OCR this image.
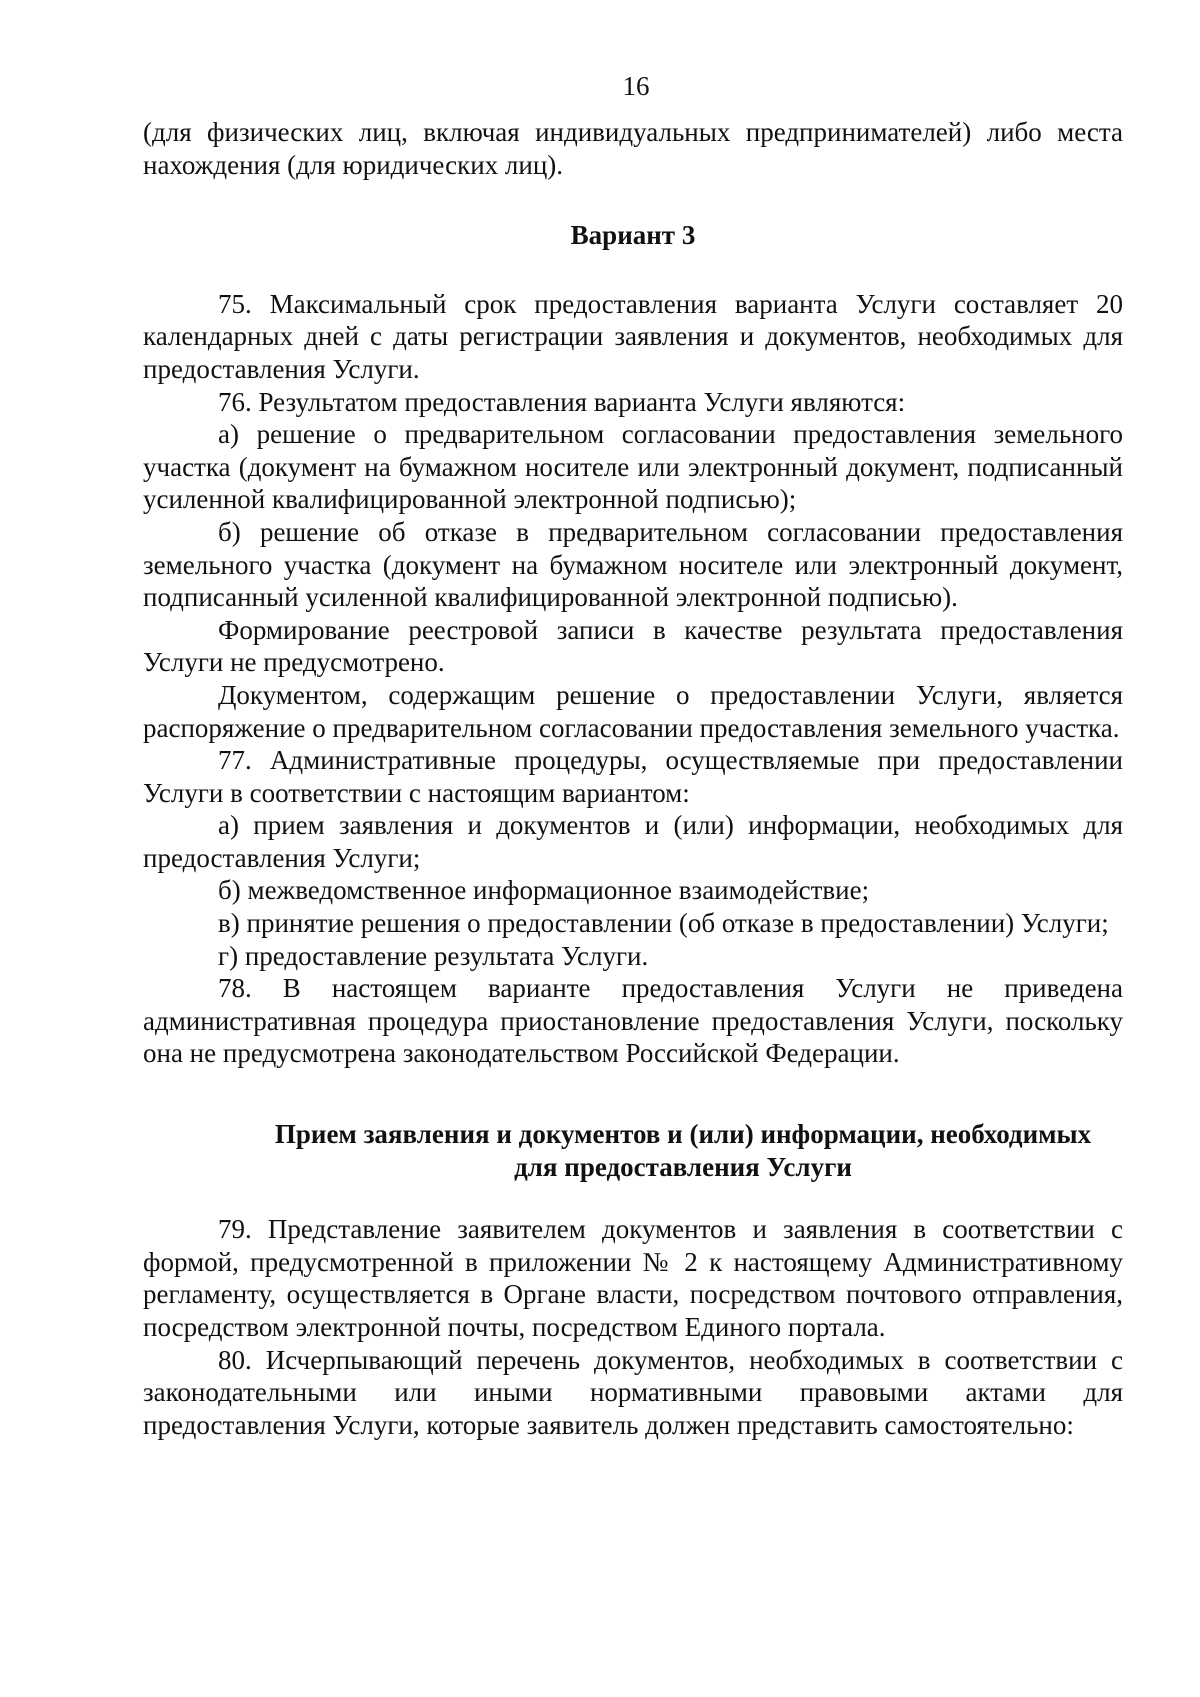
16

(для физических лиц, включая индивидуальных предпринимателей) либо места нахождения (для юридических лиц).

Вариант 3

75. Максимальный срок предоставления варианта Услуги составляет 20 календарных дней с даты регистрации заявления и документов, необходимых для предоставления Услуги.

76. Результатом предоставления варианта Услуги являются:

а) решение о предварительном согласовании предоставления земельного участка (документ на бумажном носителе или электронный документ, подписанный усиленной квалифицированной электронной подписью);

б) решение об отказе в предварительном согласовании предоставления земельного участка (документ на бумажном носителе или электронный документ, подписанный усиленной квалифицированной электронной подписью).

Формирование реестровой записи в качестве результата предоставления Услуги не предусмотрено.

Документом, содержащим решение о предоставлении Услуги, является распоряжение о предварительном согласовании предоставления земельного участка.

77. Административные процедуры, осуществляемые при предоставлении Услуги в соответствии с настоящим вариантом:

а) прием заявления и документов и (или) информации, необходимых для предоставления Услуги;

б) межведомственное информационное взаимодействие;

в) принятие решения о предоставлении (об отказе в предоставлении) Услуги;

г) предоставление результата Услуги.

78. В настоящем варианте предоставления Услуги не приведена административная процедура приостановление предоставления Услуги, поскольку она не предусмотрена законодательством Российской Федерации.

Прием заявления и документов и (или) информации, необходимых
для предоставления Услуги

79. Представление заявителем документов и заявления в соответствии с формой, предусмотренной в приложении № 2 к настоящему Административному регламенту, осуществляется в Органе власти, посредством почтового отправления, посредством электронной почты, посредством Единого портала.

80. Исчерпывающий перечень документов, необходимых в соответствии с законодательными или иными нормативными правовыми актами для предоставления Услуги, которые заявитель должен представить самостоятельно:
